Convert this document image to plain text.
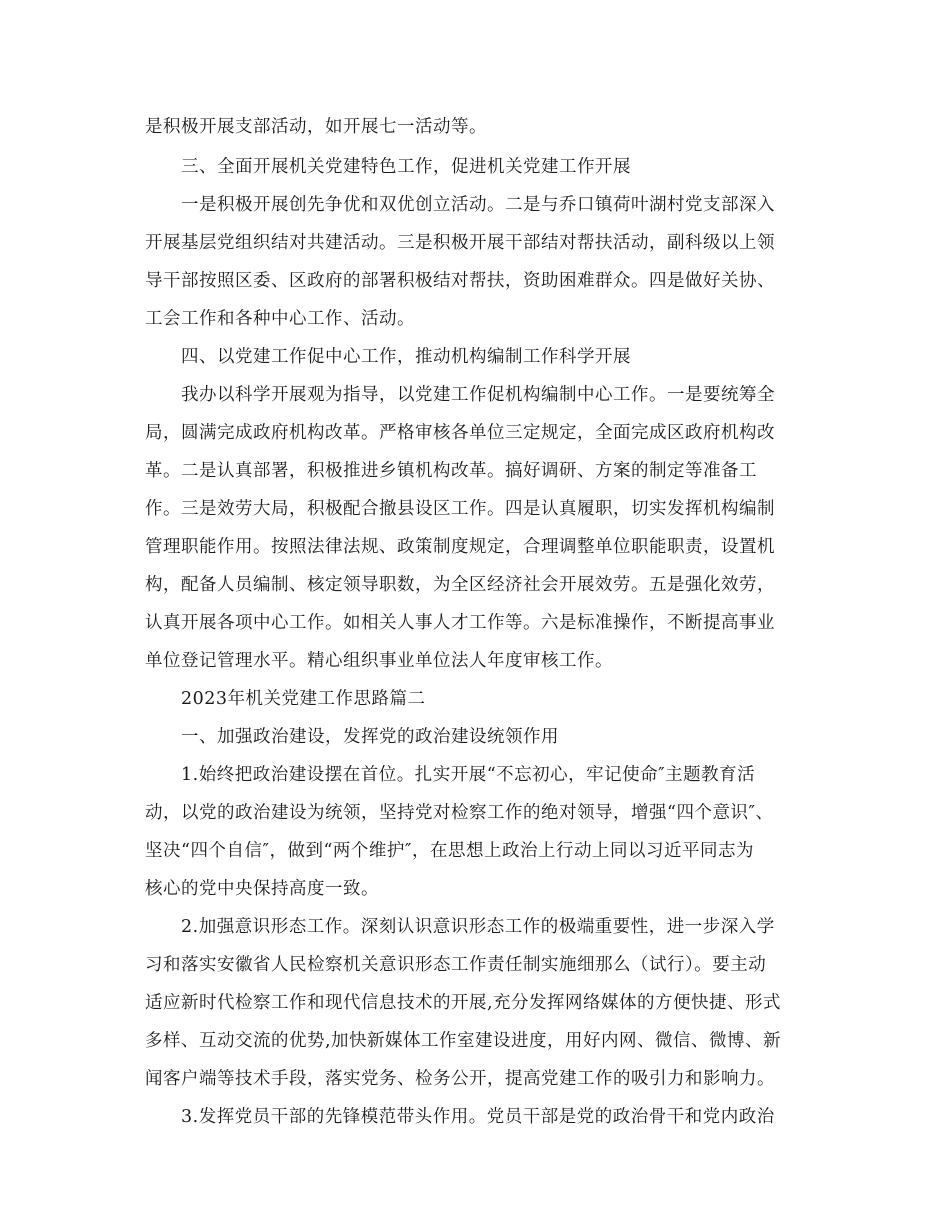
是积极开展支部活动，如开展七一活动等。
三、全面开展机关党建特色工作，促进机关党建工作开展
一是积极开展创先争优和双优创立活动。二是与乔口镇荷叶湖村党支部深入
开展基层党组织结对共建活动。三是积极开展干部结对帮扶活动，副科级以上领
导干部按照区委、区政府的部署积极结对帮扶，资助困难群众。四是做好关协、
工会工作和各种中心工作、活动。
四、以党建工作促中心工作，推动机构编制工作科学开展
我办以科学开展观为指导，以党建工作促机构编制中心工作。一是要统筹全
局，圆满完成政府机构改革。严格审核各单位三定规定，全面完成区政府机构改
革。二是认真部署，积极推进乡镇机构改革。搞好调研、方案的制定等准备工
作。三是效劳大局，积极配合撤县设区工作。四是认真履职，切实发挥机构编制
管理职能作用。按照法律法规、政策制度规定，合理调整单位职能职责，设置机
构，配备人员编制、核定领导职数，为全区经济社会开展效劳。五是强化效劳，
认真开展各项中心工作。如相关人事人才工作等。六是标准操作，不断提高事业
单位登记管理水平。精心组织事业单位法人年度审核工作。
2023年机关党建工作思路篇二
一、加强政治建设，发挥党的政治建设统领作用
1.始终把政治建设摆在首位。扎实开展“不忘初心，牢记使命″主题教育活
动，以党的政治建设为统领，坚持党对检察工作的绝对领导，增强“四个意识″、
坚决“四个自信″，做到“两个维护″，在思想上政治上行动上同以习近平同志为
核心的党中央保持高度一致。
2.加强意识形态工作。深刻认识意识形态工作的极端重要性，进一步深入学
习和落实安徽省人民检察机关意识形态工作责任制实施细那么（试行）。要主动
适应新时代检察工作和现代信息技术的开展,充分发挥网络媒体的方便快捷、形式
多样、互动交流的优势,加快新媒体工作室建设进度，用好内网、微信、微博、新
闻客户端等技术手段，落实党务、检务公开，提高党建工作的吸引力和影响力。
3.发挥党员干部的先锋模范带头作用。党员干部是党的政治骨干和党内政治
